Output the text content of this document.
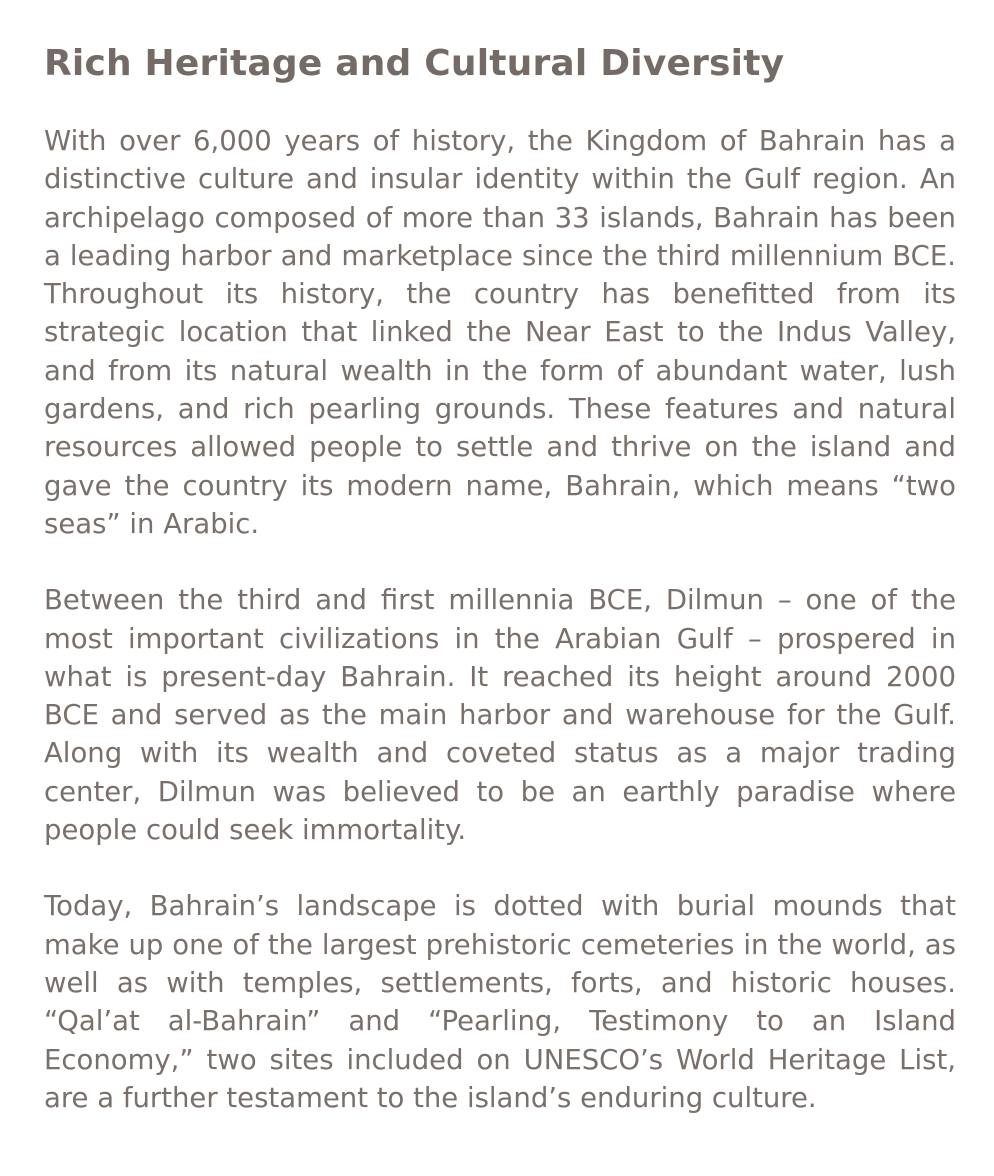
Rich Heritage and Cultural Diversity

With over 6,000 years of history, the Kingdom of Bahrain has a distinctive culture and insular identity within the Gulf region. An archipelago composed of more than 33 islands, Bahrain has been a leading harbor and marketplace since the third millennium BCE. Throughout its history, the country has benefitted from its strategic location that linked the Near East to the Indus Valley, and from its natural wealth in the form of abundant water, lush gardens, and rich pearling grounds. These features and natural resources allowed people to settle and thrive on the island and gave the country its modern name, Bahrain, which means “two seas” in Arabic.

Between the third and first millennia BCE, Dilmun – one of the most important civilizations in the Arabian Gulf – prospered in what is present-day Bahrain. It reached its height around 2000 BCE and served as the main harbor and warehouse for the Gulf. Along with its wealth and coveted status as a major trading center, Dilmun was believed to be an earthly paradise where people could seek immortality.

Today, Bahrain’s landscape is dotted with burial mounds that make up one of the largest prehistoric cemeteries in the world, as well as with temples, settlements, forts, and historic houses. “Qal’at al-Bahrain” and “Pearling, Testimony to an Island Economy,” two sites included on UNESCO’s World Heritage List, are a further testament to the island’s enduring culture.
